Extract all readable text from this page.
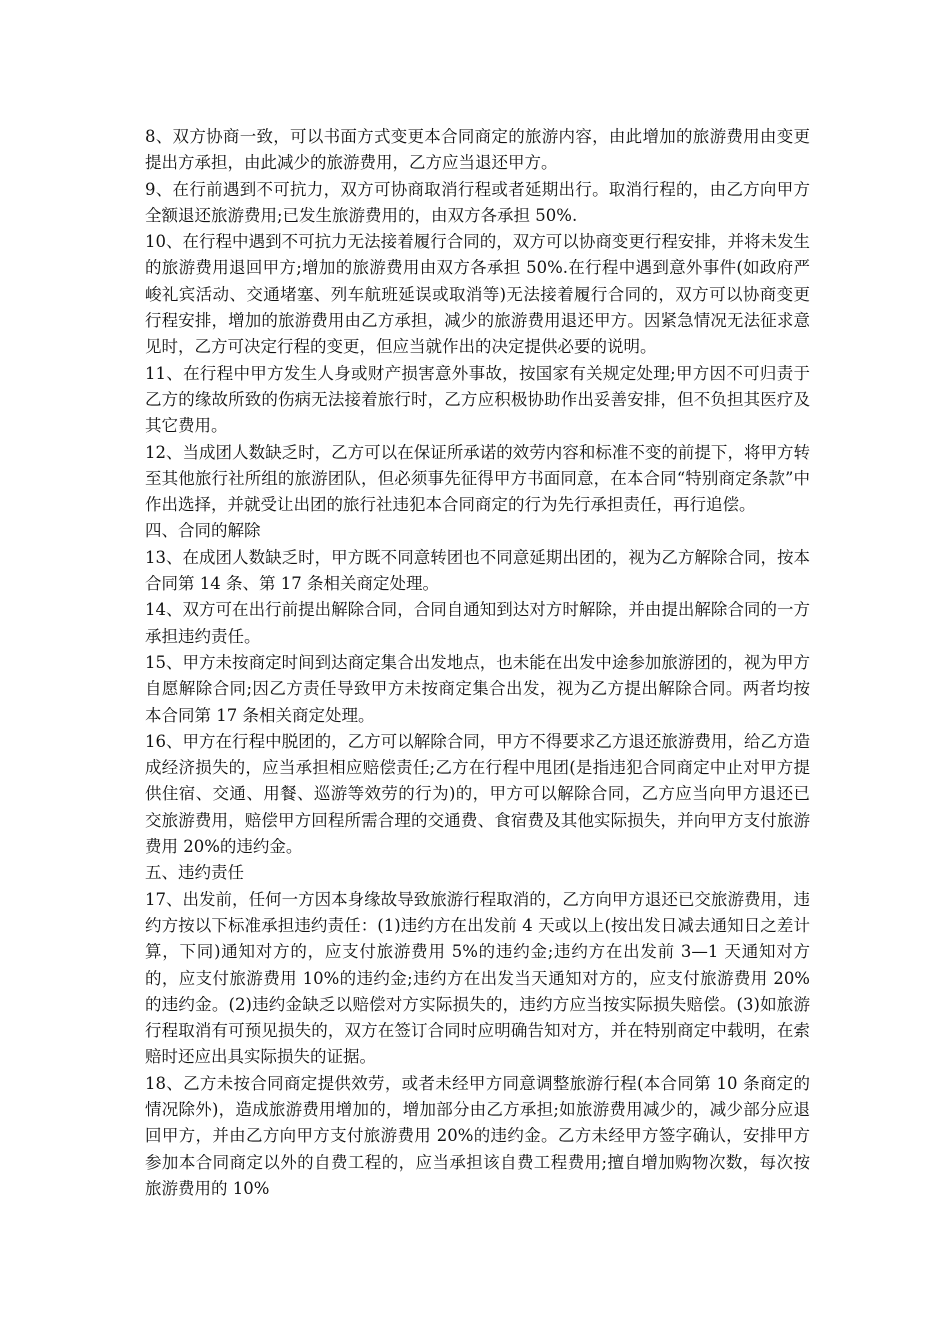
8、双方协商一致，可以书面方式变更本合同商定的旅游内容，由此增加的旅游费用由变更提出方承担，由此减少的旅游费用，乙方应当退还甲方。

9、在行前遇到不可抗力，双方可协商取消行程或者延期出行。取消行程的，由乙方向甲方全额退还旅游费用;已发生旅游费用的，由双方各承担 50%.

10、在行程中遇到不可抗力无法接着履行合同的，双方可以协商变更行程安排，并将未发生的旅游费用退回甲方;增加的旅游费用由双方各承担 50%.在行程中遇到意外事件(如政府严峻礼宾活动、交通堵塞、列车航班延误或取消等)无法接着履行合同的，双方可以协商变更行程安排，增加的旅游费用由乙方承担，减少的旅游费用退还甲方。因紧急情况无法征求意见时，乙方可决定行程的变更，但应当就作出的决定提供必要的说明。

11、在行程中甲方发生人身或财产损害意外事故，按国家有关规定处理;甲方因不可归责于乙方的缘故所致的伤病无法接着旅行时，乙方应积极协助作出妥善安排，但不负担其医疗及其它费用。

12、当成团人数缺乏时，乙方可以在保证所承诺的效劳内容和标准不变的前提下，将甲方转至其他旅行社所组的旅游团队，但必须事先征得甲方书面同意，在本合同“特别商定条款”中作出选择，并就受让出团的旅行社违犯本合同商定的行为先行承担责任，再行追偿。

四、合同的解除

13、在成团人数缺乏时，甲方既不同意转团也不同意延期出团的，视为乙方解除合同，按本合同第 14 条、第 17 条相关商定处理。

14、双方可在出行前提出解除合同，合同自通知到达对方时解除，并由提出解除合同的一方承担违约责任。

15、甲方未按商定时间到达商定集合出发地点，也未能在出发中途参加旅游团的，视为甲方自愿解除合同;因乙方责任导致甲方未按商定集合出发，视为乙方提出解除合同。两者均按本合同第 17 条相关商定处理。

16、甲方在行程中脱团的，乙方可以解除合同，甲方不得要求乙方退还旅游费用，给乙方造成经济损失的，应当承担相应赔偿责任;乙方在行程中甩团(是指违犯合同商定中止对甲方提供住宿、交通、用餐、巡游等效劳的行为)的，甲方可以解除合同，乙方应当向甲方退还已交旅游费用，赔偿甲方回程所需合理的交通费、食宿费及其他实际损失，并向甲方支付旅游费用 20%的违约金。

五、违约责任

17、出发前，任何一方因本身缘故导致旅游行程取消的，乙方向甲方退还已交旅游费用，违约方按以下标准承担违约责任：(1)违约方在出发前 4 天或以上(按出发日减去通知日之差计算，下同)通知对方的，应支付旅游费用 5%的违约金;违约方在出发前 3—1 天通知对方的，应支付旅游费用 10%的违约金;违约方在出发当天通知对方的，应支付旅游费用 20%的违约金。(2)违约金缺乏以赔偿对方实际损失的，违约方应当按实际损失赔偿。(3)如旅游行程取消有可预见损失的，双方在签订合同时应明确告知对方，并在特别商定中载明，在索赔时还应出具实际损失的证据。

18、乙方未按合同商定提供效劳，或者未经甲方同意调整旅游行程(本合同第 10 条商定的情况除外)，造成旅游费用增加的，增加部分由乙方承担;如旅游费用减少的，减少部分应退回甲方，并由乙方向甲方支付旅游费用 20%的违约金。乙方未经甲方签字确认，安排甲方参加本合同商定以外的自费工程的，应当承担该自费工程费用;擅自增加购物次数，每次按旅游费用的 10%
